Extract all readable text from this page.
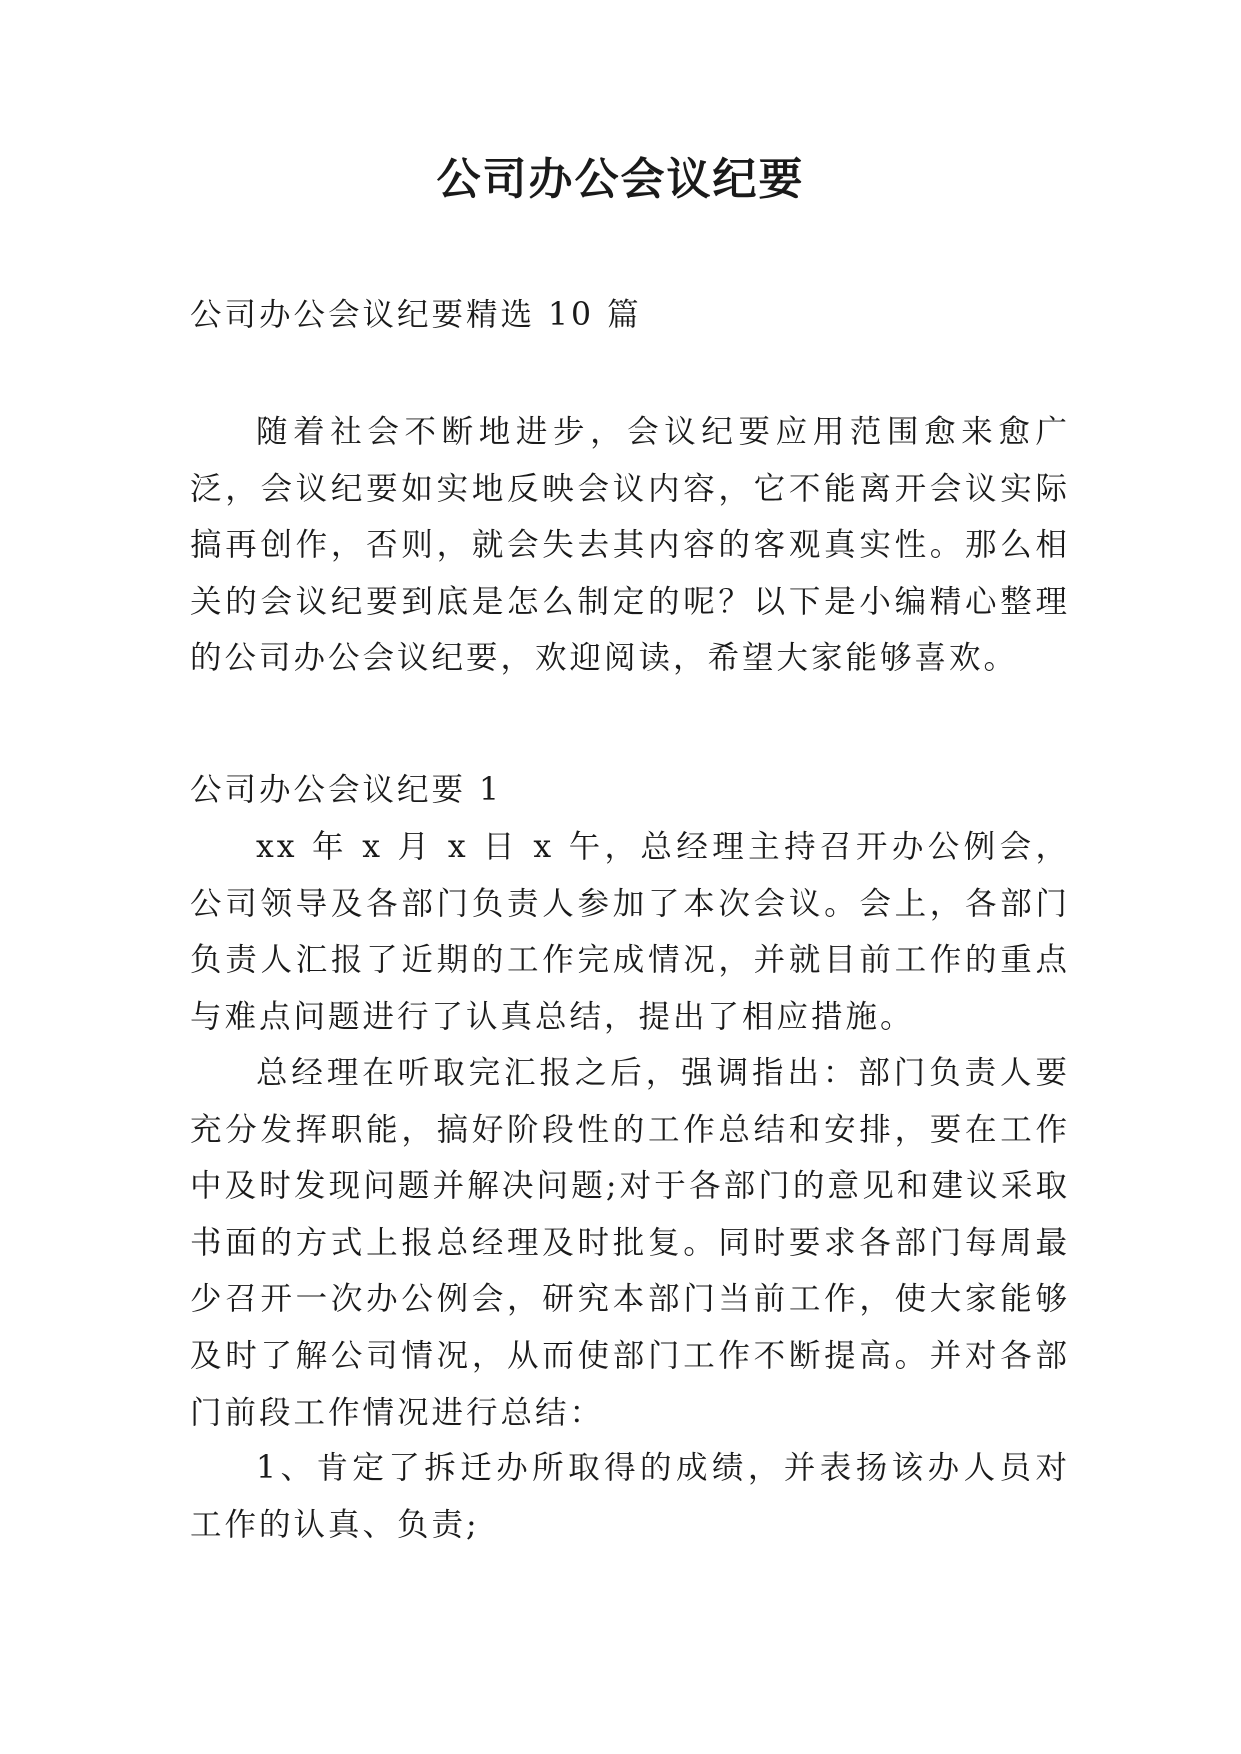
公司办公会议纪要

公司办公会议纪要精选 10 篇

随着社会不断地进步，会议纪要应用范围愈来愈广泛，会议纪要如实地反映会议内容，它不能离开会议实际搞再创作，否则，就会失去其内容的客观真实性。那么相关的会议纪要到底是怎么制定的呢？以下是小编精心整理的公司办公会议纪要，欢迎阅读，希望大家能够喜欢。

公司办公会议纪要 1

xx 年 x 月 x 日 x 午，总经理主持召开办公例会，公司领导及各部门负责人参加了本次会议。会上，各部门负责人汇报了近期的工作完成情况，并就目前工作的重点与难点问题进行了认真总结，提出了相应措施。

总经理在听取完汇报之后，强调指出：部门负责人要充分发挥职能，搞好阶段性的工作总结和安排，要在工作中及时发现问题并解决问题;对于各部门的意见和建议采取书面的方式上报总经理及时批复。同时要求各部门每周最少召开一次办公例会，研究本部门当前工作，使大家能够及时了解公司情况，从而使部门工作不断提高。并对各部门前段工作情况进行总结：

1、肯定了拆迁办所取得的成绩，并表扬该办人员对工作的认真、负责;
